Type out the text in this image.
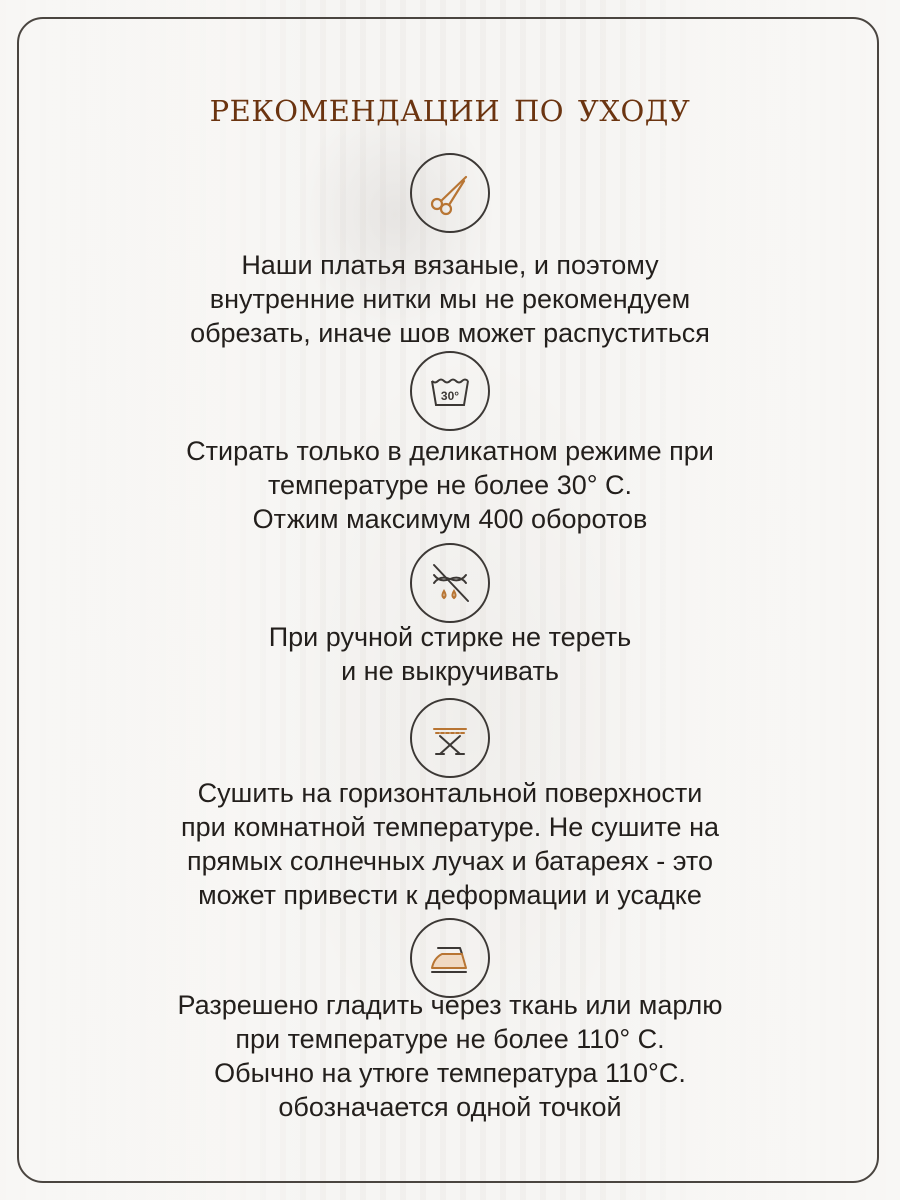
рекомендации по уходу
Наши платья вязаные, и поэтому
внутренние нитки мы не рекомендуем
обрезать, иначе шов может распуститься
30°
Стирать только в деликатном режиме при
температуре не более 30° С.
Отжим максимум 400 оборотов
При ручной стирке не тереть
и не выкручивать
Сушить на горизонтальной поверхности
при комнатной температуре. Не сушите на
прямых солнечных лучах и батареях - это
может привести к деформации и усадке
Разрешено гладить через ткань или марлю
при температуре не более 110° С.
Обычно на утюге температура 110°С.
обозначается одной точкой
